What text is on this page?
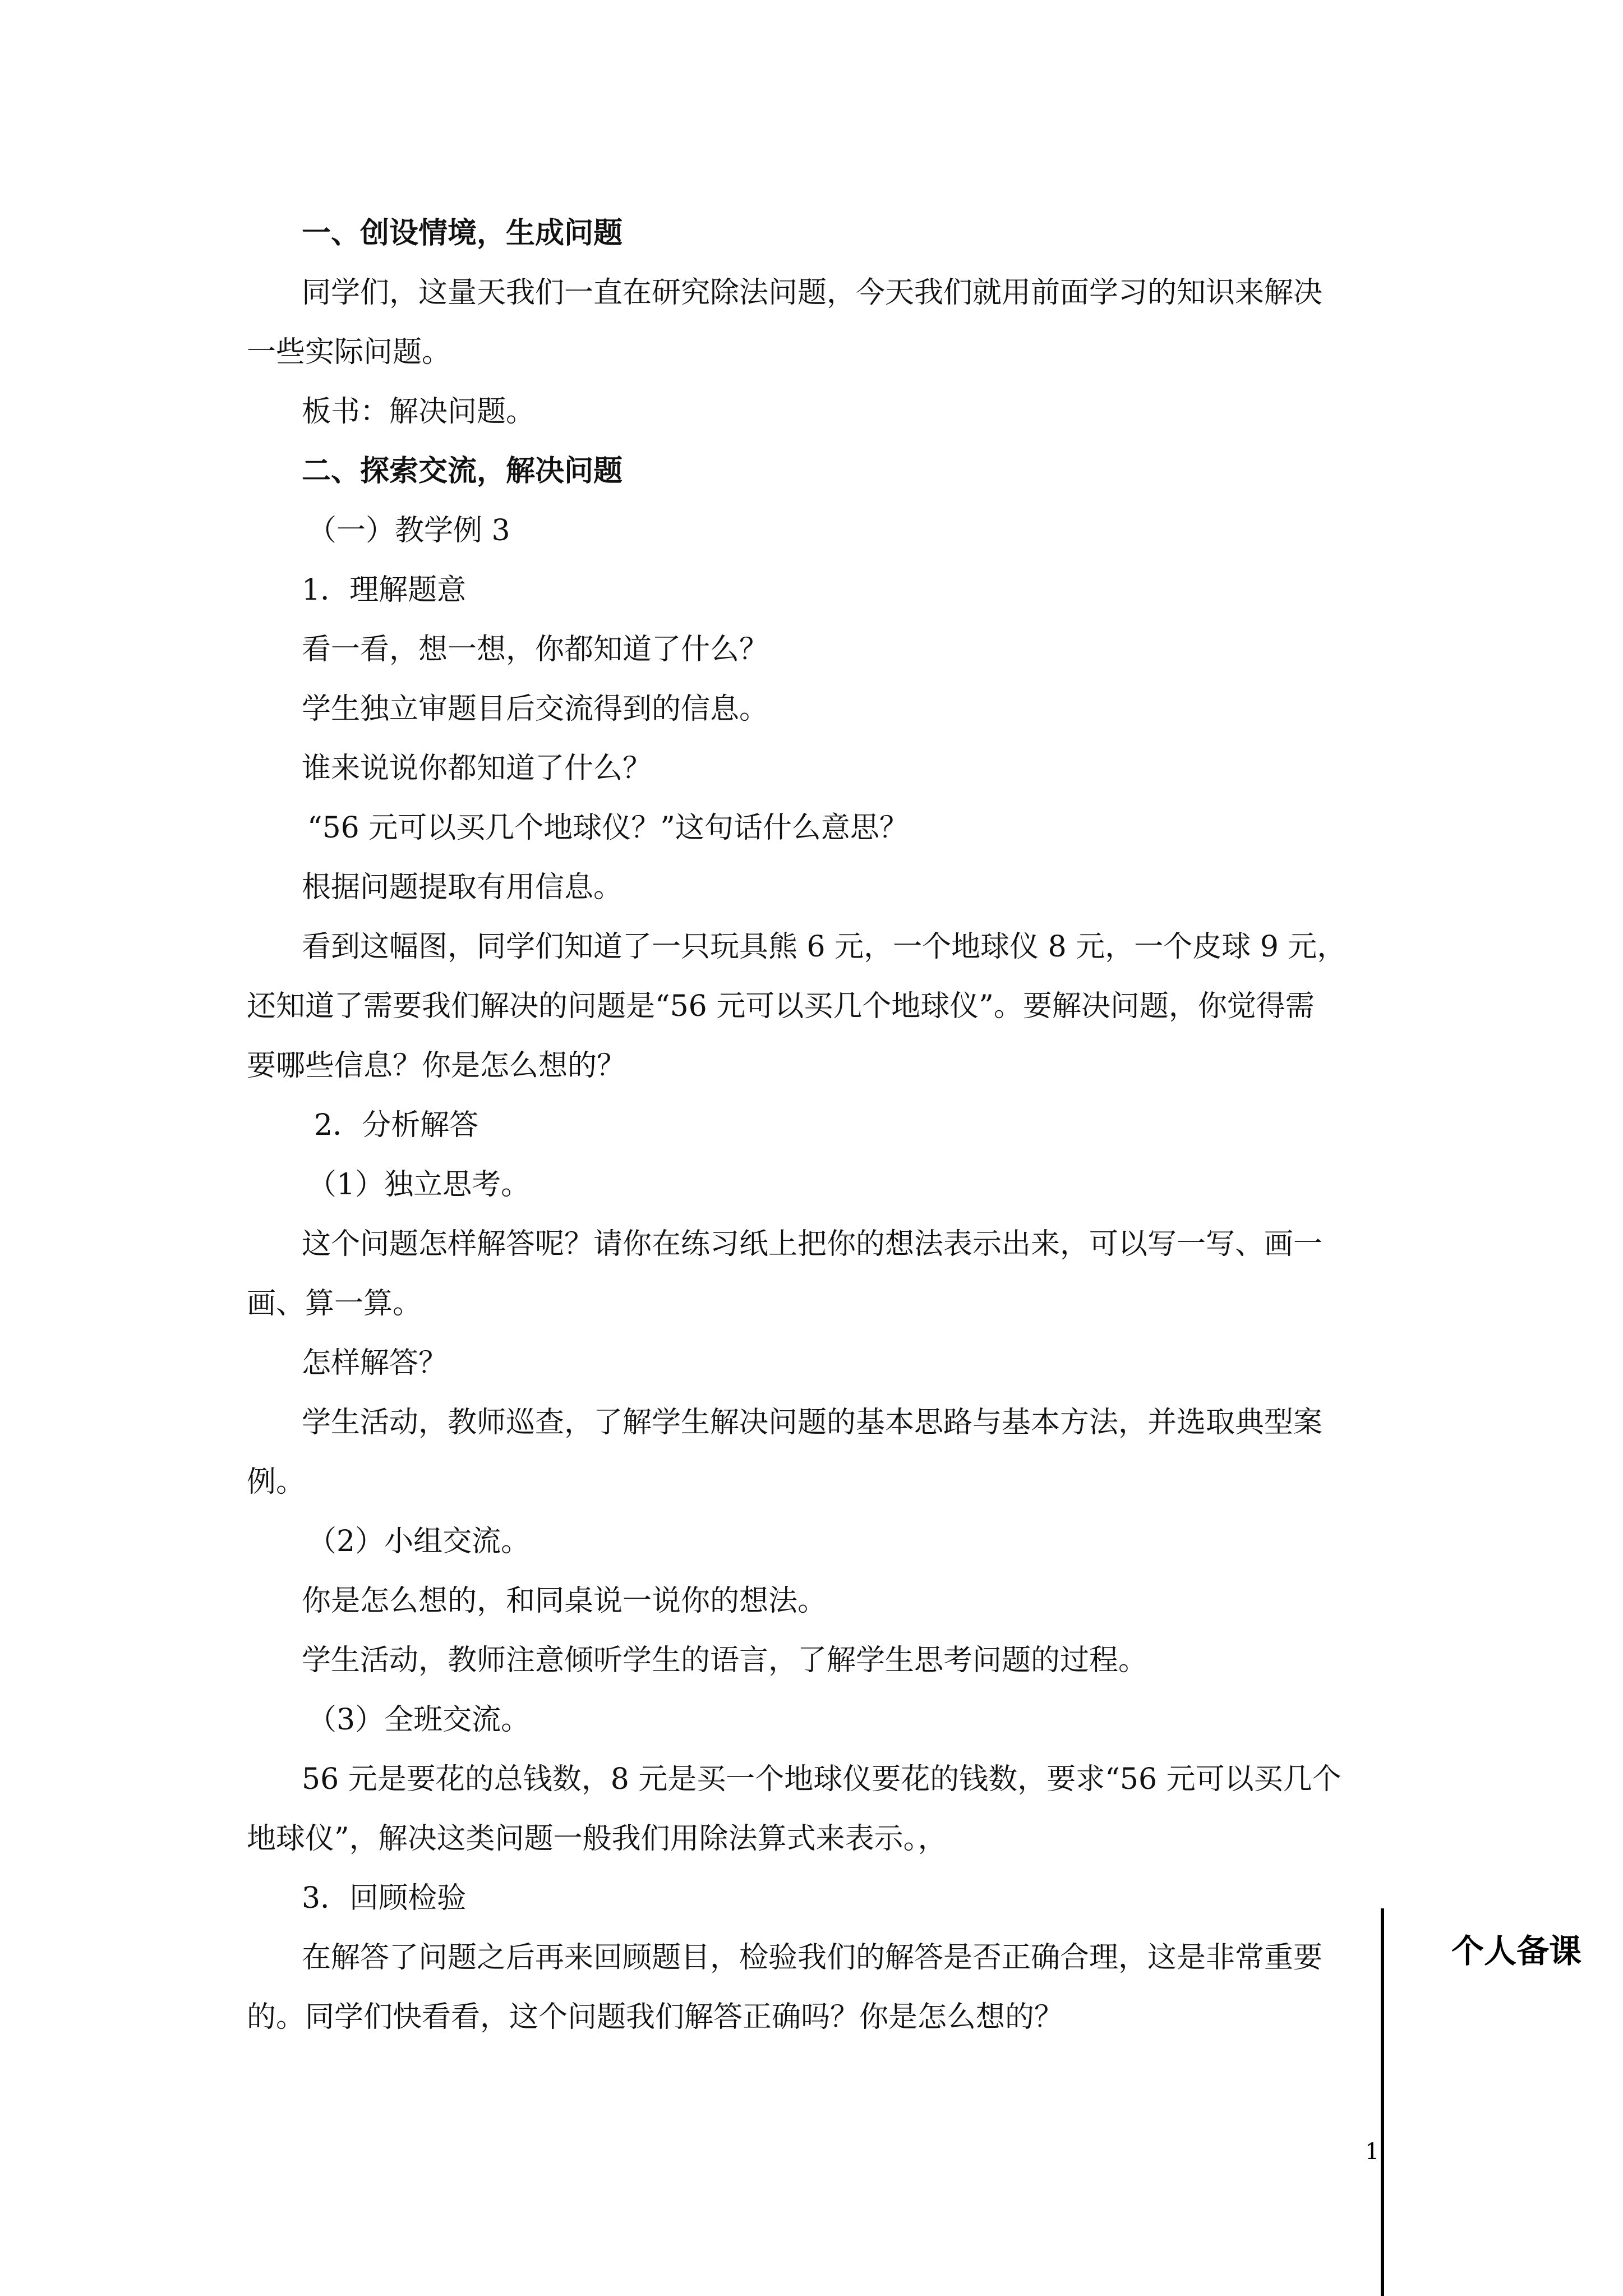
一、创设情境，生成问题
同学们，这量天我们一直在研究除法问题，今天我们就用前面学习的知识来解决
一些实际问题。
板书：解决问题。
二、探索交流，解决问题
（一）教学例 3
1．理解题意
看一看，想一想，你都知道了什么？
学生独立审题目后交流得到的信息。
谁来说说你都知道了什么？
“56 元可以买几个地球仪？”这句话什么意思？
根据问题提取有用信息。
看到这幅图，同学们知道了一只玩具熊 6 元，一个地球仪 8 元，一个皮球 9 元，
还知道了需要我们解决的问题是“56 元可以买几个地球仪”。要解决问题，你觉得需
要哪些信息？你是怎么想的？
2．分析解答
（1）独立思考。
这个问题怎样解答呢？请你在练习纸上把你的想法表示出来，可以写一写、画一
画、算一算。
怎样解答？
学生活动，教师巡查，了解学生解决问题的基本思路与基本方法，并选取典型案
例。
（2）小组交流。
你是怎么想的，和同桌说一说你的想法。
学生活动，教师注意倾听学生的语言，了解学生思考问题的过程。
（3）全班交流。
56 元是要花的总钱数，8 元是买一个地球仪要花的钱数，要求“56 元可以买几个
地球仪”，解决这类问题一般我们用除法算式来表示。，
3．回顾检验
在解答了问题之后再来回顾题目，检验我们的解答是否正确合理，这是非常重要
的。同学们快看看，这个问题我们解答正确吗？你是怎么想的？
个人备课
1
